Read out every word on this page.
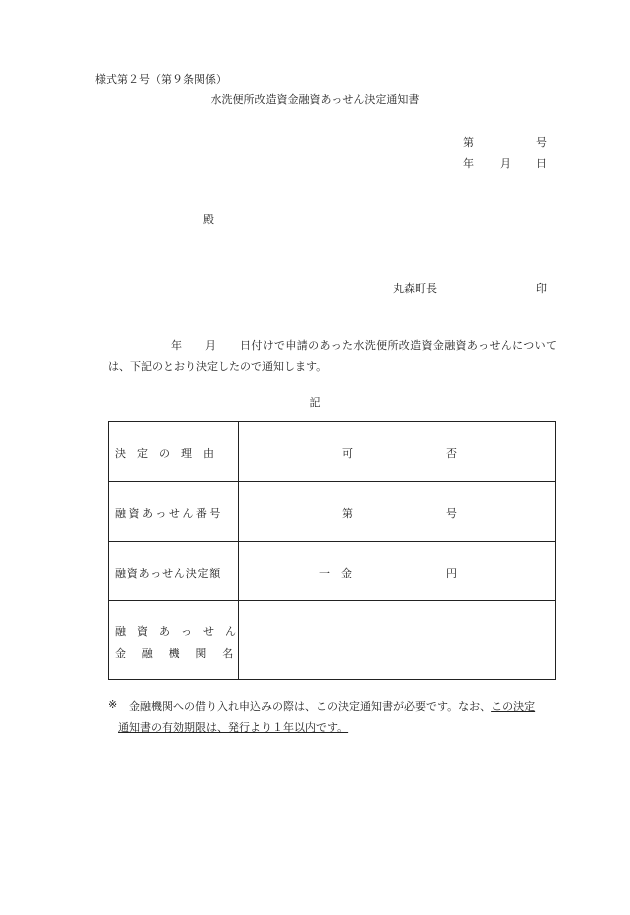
様式第２号（第９条関係）
水洗便所改造資金融資あっせん決定通知書
第	号
年 月 日
殿
丸森町長	印
年 月 日付けで申請のあった水洗便所改造資金融資あっせんについて
は、下記のとおり決定したので通知します。
記
決　定　の　理　由	可	否
融資あっせん番号	第	号
融資あっせん決定額	一　金	円
融　資　あ　っ　せ　ん
金　融　機　関　名
※ 金融機関への借り入れ申込みの際は、この決定通知書が必要です。なお、この決定
通知書の有効期限は、発行より１年以内です。
